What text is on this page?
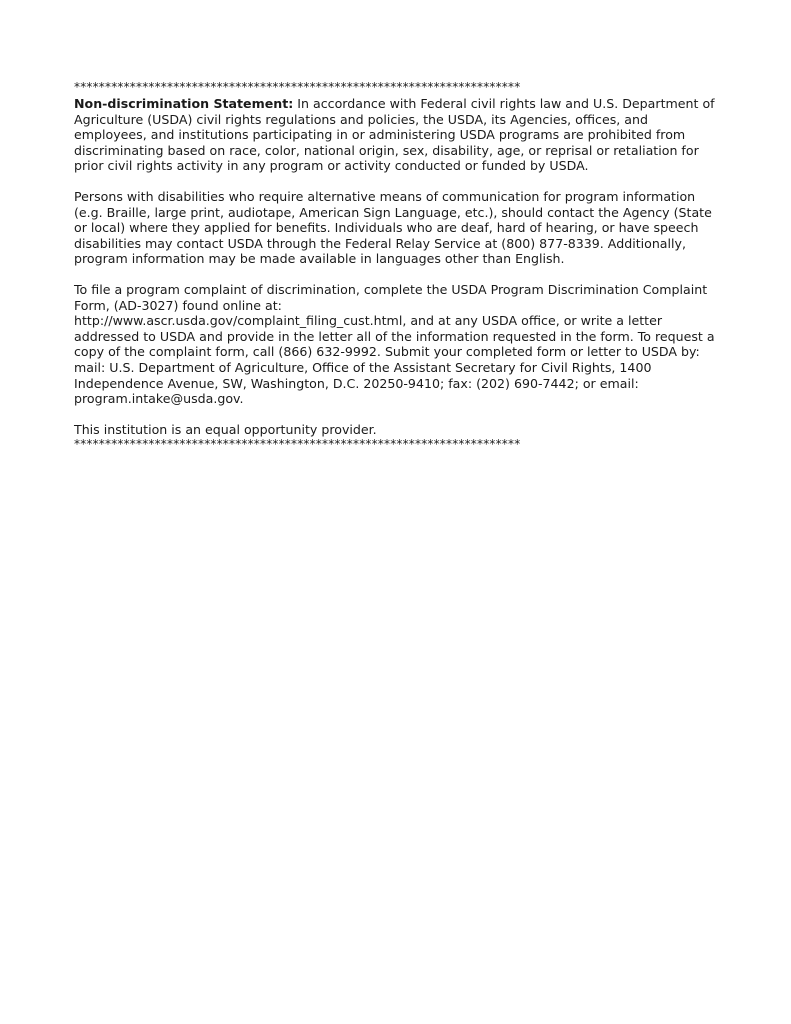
************************************************************************

Non-discrimination Statement: In accordance with Federal civil rights law and U.S. Department of Agriculture (USDA) civil rights regulations and policies, the USDA, its Agencies, offices, and employees, and institutions participating in or administering USDA programs are prohibited from discriminating based on race, color, national origin, sex, disability, age, or reprisal or retaliation for prior civil rights activity in any program or activity conducted or funded by USDA.

Persons with disabilities who require alternative means of communication for program information (e.g. Braille, large print, audiotape, American Sign Language, etc.), should contact the Agency (State or local) where they applied for benefits. Individuals who are deaf, hard of hearing, or have speech disabilities may contact USDA through the Federal Relay Service at (800) 877-8339. Additionally, program information may be made available in languages other than English.

To file a program complaint of discrimination, complete the USDA Program Discrimination Complaint Form, (AD-3027) found online at:
http://www.ascr.usda.gov/complaint_filing_cust.html, and at any USDA office, or write a letter addressed to USDA and provide in the letter all of the information requested in the form. To request a copy of the complaint form, call (866) 632-9992. Submit your completed form or letter to USDA by: mail: U.S. Department of Agriculture, Office of the Assistant Secretary for Civil Rights, 1400 Independence Avenue, SW, Washington, D.C. 20250-9410; fax: (202) 690-7442; or email: program.intake@usda.gov.

This institution is an equal opportunity provider.

************************************************************************
